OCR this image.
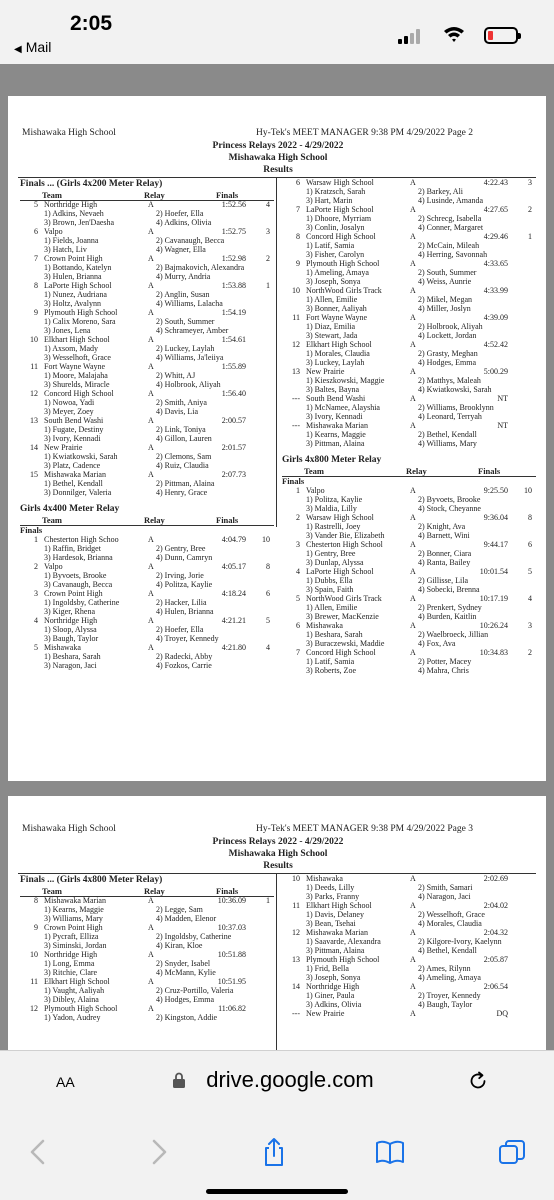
2:05
◀ Mail
Mishawaka High School	Hy-Tek's MEET MANAGER 9:38 PM 4/29/2022 Page 2
Princess Relays 2022 - 4/29/2022
Mishawaka High School
Results
Finals ... (Girls 4x200 Meter Relay)
Team	Relay	Finals
5 Northridge High	A	1:52.56	4
1) Adkins, Nevaeh	2) Hoefer, Ella
3) Brown, Jen'Daesha	4) Adkins, Olivia
6 Valpo	A	1:52.75	3
1) Fields, Joanna	2) Cavanaugh, Becca
3) Hatch, Liv	4) Wagner, Ella
7 Crown Point High	A	1:52.98	2
1) Bottando, Katelyn	2) Bajmakovich, Alexandra
3) Hulen, Brianna	4) Murry, Andria
8 LaPorte High School	A	1:53.88	1
1) Nunez, Audriana	2) Anglin, Susan
3) Holtz, Avalynn	4) Williams, Lalacha
9 Plymouth High School	A	1:54.19
1) Calix Moreno, Sara	2) South, Summer
3) Jones, Lena	4) Schrameyer, Amber
10 Elkhart High School	A	1:54.61
1) Axsom, Mady	2) Luckey, Laylah
3) Wesselhoft, Grace	4) Williams, Ja'leiiya
11 Fort Wayne Wayne	A	1:55.89
1) Moore, Malajaha	2) Whitt, AJ
3) Shurelds, Miracle	4) Holbrook, Aliyah
12 Concord High School	A	1:56.40
1) Nowoa, Yadi	2) Smith, Aniya
3) Meyer, Zoey	4) Davis, Lia
13 South Bend Washi	A	2:00.57
1) Fugate, Destiny	2) Link, Toniya
3) Ivory, Kennadi	4) Gillon, Lauren
14 New Prairie	A	2:01.57
1) Kwiatkowski, Sarah	2) Clemons, Sam
3) Platz, Cadence	4) Ruiz, Claudia
15 Mishawaka Marian	A	2:07.73
1) Bethel, Kendall	2) Pittman, Alaina
3) Donnilger, Valeria	4) Henry, Grace
Girls 4x400 Meter Relay
Team	Relay	Finals
Finals
1 Chesterton High Schoo	A	4:04.79	10
1) Raffin, Bridget	2) Gentry, Bree
3) Hardesok, Brianna	4) Dunn, Camryn
2 Valpo	A	4:05.17	8
1) Byvoets, Brooke	2) Irving, Jorie
3) Cavanaugh, Becca	4) Politza, Kaylie
3 Crown Point High	A	4:18.24	6
1) Ingoldsby, Catherine	2) Hacker, Lilia
3) Kiger, Rhena	4) Hulen, Brianna
4 Northridge High	A	4:21.21	5
1) Sloop, Alyssa	2) Hoefer, Ella
3) Baugh, Taylor	4) Troyer, Kennedy
5 Mishawaka	A	4:21.80	4
1) Beshara, Sarah	2) Radecki, Abby
3) Naragon, Jaci	4) Fozkos, Carrie
6 Warsaw High School	A	4:22.43	3
1) Kratzsch, Sarah	2) Barkey, Ali
3) Hart, Marin	4) Lusinde, Amanda
7 LaPorte High School	A	4:27.65	2
1) Dhoore, Myrriam	2) Schrecg, Isabella
3) Conlin, Josalyn	4) Conner, Margaret
8 Concord High School	A	4:29.46	1
1) Latif, Samia	2) McCain, Mileah
3) Fisher, Carolyn	4) Herring, Savonnah
9 Plymouth High School	A	4:33.65
1) Ameling, Amaya	2) South, Summer
3) Joseph, Sonya	4) Weiss, Aunrie
10 NorthWood Girls Track	A	4:33.99
1) Allen, Emilie	2) Mikel, Megan
3) Bonner, Aaliyah	4) Miller, Joslyn
11 Fort Wayne Wayne	A	4:39.09
1) Diaz, Emilia	2) Holbrook, Aliyah
3) Stewart, Jada	4) Lockett, Jordan
12 Elkhart High School	A	4:52.42
1) Morales, Claudia	2) Grasty, Meghan
3) Luckey, Laylah	4) Hodges, Emma
13 New Prairie	A	5:00.29
1) Kieszkowski, Maggie	2) Matthys, Maleah
3) Baltes, Bayna	4) Kwiatkowski, Sarah
--- South Bend Washi	A	NT
1) McNamee, Alayshia	2) Williams, Brooklynn
3) Ivory, Kennadi	4) Leonard, Terryah
--- Mishawaka Marian	A	NT
1) Kearns, Maggie	2) Bethel, Kendall
3) Pittman, Alaina	4) Williams, Mary
Girls 4x800 Meter Relay
Team	Relay	Finals
Finals
1 Valpo	A	9:25.50	10
1) Politza, Kaylie	2) Byvoets, Brooke
3) Maldia, Lilly	4) Stock, Cheyanne
2 Warsaw High School	A	9:36.04	8
1) Rastrelli, Joey	2) Knight, Ava
3) Vander Bie, Elizabeth	4) Barnett, Wini
3 Chesterton High School	A	9:44.17	6
1) Gentry, Bree	2) Bonner, Ciara
3) Dunlap, Alyssa	4) Ranta, Bailey
4 LaPorte High School	A	10:01.54	5
1) Dubbs, Ella	2) Gillisse, Lila
3) Spain, Faith	4) Sobecki, Brenna
5 NorthWood Girls Track	A	10:17.19	4
1) Allen, Emilie	2) Prenkert, Sydney
3) Brewer, MacKenzie	4) Burden, Kaitlin
6 Mishawaka	A	10:26.24	3
1) Beshara, Sarah	2) Waelbroeck, Jillian
3) Buraczewski, Maddie	4) Fox, Ava
7 Concord High School	A	10:34.83	2
1) Latif, Samia	2) Potter, Macey
3) Roberts, Zoe	4) Mahra, Chris
Mishawaka High School	Hy-Tek's MEET MANAGER 9:38 PM 4/29/2022 Page 3
Princess Relays 2022 - 4/29/2022
Mishawaka High School
Results
Finals ... (Girls 4x800 Meter Relay)
Team	Relay	Finals
8 Mishawaka Marian	A	10:36.09	1
1) Kearns, Maggie	2) Legge, Sam
3) Williams, Mary	4) Madden, Elenor
9 Crown Point High	A	10:37.03
1) Pycraft, Elliza	2) Ingoldsby, Catherine
3) Siminski, Jordan	4) Kiran, Kloe
10 Northridge High	A	10:51.88
1) Long, Emma	2) Snyder, Isabel
3) Ritchie, Clare	4) McMann, Kylie
11 Elkhart High School	A	10:51.95
1) Vaught, Aaliyah	2) Cruz-Portillo, Valeria
3) Dibley, Alaina	4) Hodges, Emma
12 Plymouth High School	A	11:06.82
1) Yadon, Audrey	2) Kingston, Addie
10 Mishawaka	A	2:02.69
1) Deeds, Lilly	2) Smith, Samari
3) Parks, Franny	4) Naragon, Jaci
11 Elkhart High School	A	2:04.02
1) Davis, Delaney	2) Wesselhoft, Grace
3) Bean, Tsehai	4) Morales, Claudia
12 Mishawaka Marian	A	2:04.32
1) Saavarde, Alexandra	2) Kilgore-Ivory, Kaelynn
3) Pittman, Alaina	4) Bethel, Kendall
13 Plymouth High School	A	2:05.87
1) Frid, Bella	2) Ames, Rilynn
3) Joseph, Sonya	4) Ameling, Amaya
14 Northridge High	A	2:06.54
1) Giner, Paula	2) Troyer, Kennedy
3) Adkins, Olivia	4) Baugh, Taylor
--- New Prairie	A	DQ
AA	drive.google.com
